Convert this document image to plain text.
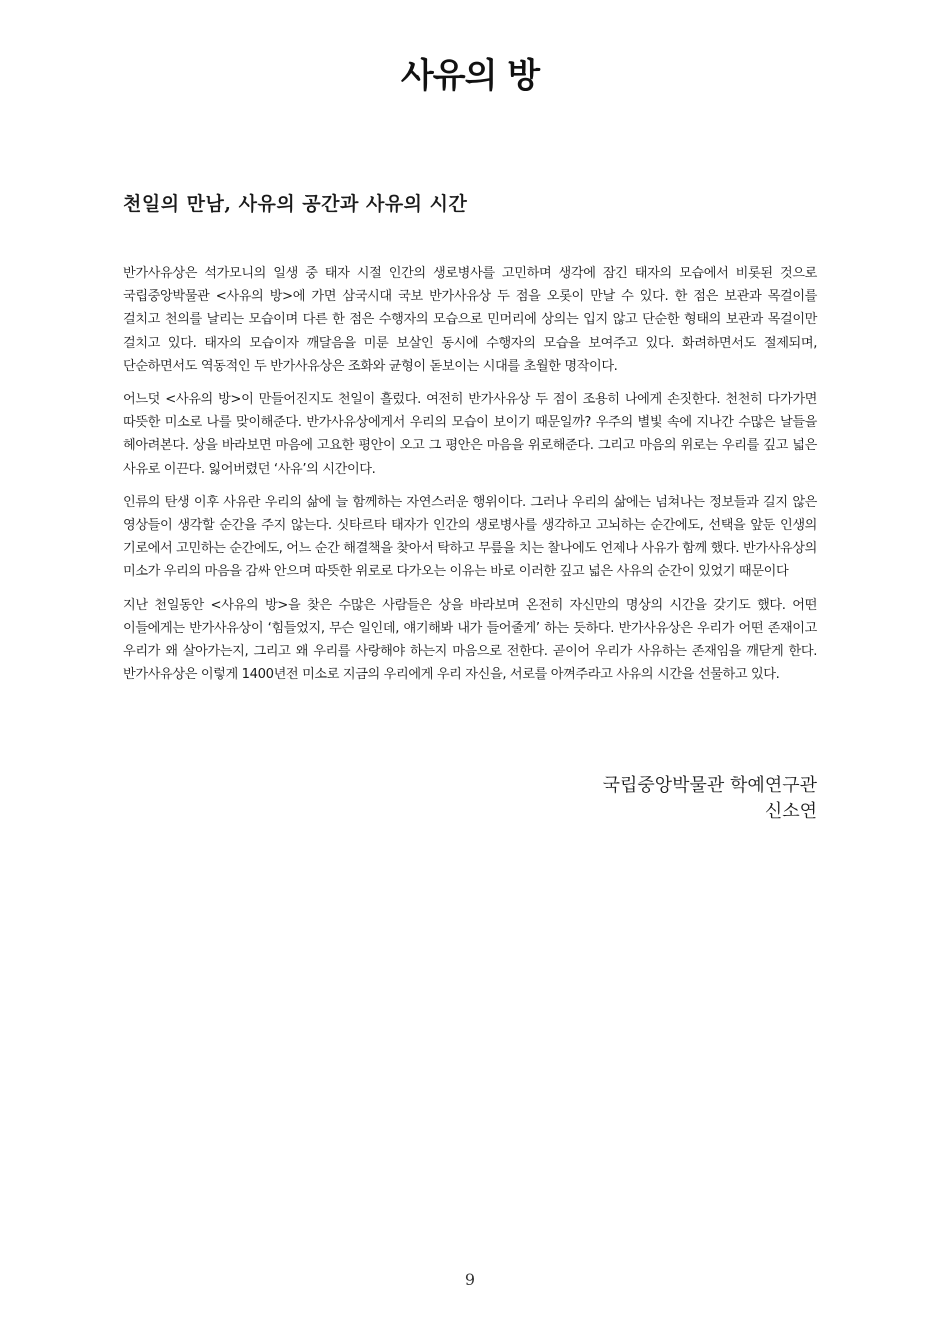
사유의 방
천일의 만남, 사유의 공간과 사유의 시간

반가사유상은 석가모니의 일생 중 태자 시절 인간의 생로병사를 고민하며 생각에 잠긴 태자의 모습에서 비롯된 것으로 국립중앙박물관 <사유의 방>에 가면 삼국시대 국보 반가사유상 두 점을 오롯이 만날 수 있다. 한 점은 보관과 목걸이를 걸치고 천의를 날리는 모습이며 다른 한 점은 수행자의 모습으로 민머리에 상의는 입지 않고 단순한 형태의 보관과 목걸이만 걸치고 있다. 태자의 모습이자 깨달음을 미룬 보살인 동시에 수행자의 모습을 보여주고 있다. 화려하면서도 절제되며, 단순하면서도 역동적인 두 반가사유상은 조화와 균형이 돋보이는 시대를 초월한 명작이다.

어느덧 <사유의 방>이 만들어진지도 천일이 흘렀다. 여전히 반가사유상 두 점이 조용히 나에게 손짓한다. 천천히 다가가면 따뜻한 미소로 나를 맞이해준다. 반가사유상에게서 우리의 모습이 보이기 때문일까? 우주의 별빛 속에 지나간 수많은 날들을 헤아려본다. 상을 바라보면 마음에 고요한 평안이 오고 그 평안은 마음을 위로해준다. 그리고 마음의 위로는 우리를 깊고 넓은 사유로 이끈다. 잃어버렸던 ‘사유’의 시간이다.

인류의 탄생 이후 사유란 우리의 삶에 늘 함께하는 자연스러운 행위이다. 그러나 우리의 삶에는 넘쳐나는 정보들과 길지 않은 영상들이 생각할 순간을 주지 않는다. 싯타르타 태자가 인간의 생로병사를 생각하고 고뇌하는 순간에도, 선택을 앞둔 인생의 기로에서 고민하는 순간에도, 어느 순간 해결책을 찾아서 탁하고 무릎을 치는 찰나에도 언제나 사유가 함께 했다. 반가사유상의 미소가 우리의 마음을 감싸 안으며 따뜻한 위로로 다가오는 이유는 바로 이러한 깊고 넓은 사유의 순간이 있었기 때문이다

지난 천일동안 <사유의 방>을 찾은 수많은 사람들은 상을 바라보며 온전히 자신만의 명상의 시간을 갖기도 했다. 어떤 이들에게는 반가사유상이 ‘힘들었지, 무슨 일인데, 얘기해봐 내가 들어줄게’ 하는 듯하다. 반가사유상은 우리가 어떤 존재이고 우리가 왜 살아가는지, 그리고 왜 우리를 사랑해야 하는지 마음으로 전한다. 곧이어 우리가 사유하는 존재임을 깨닫게 한다. 반가사유상은 이렇게 1400년전 미소로 지금의 우리에게 우리 자신을, 서로를 아껴주라고 사유의 시간을 선물하고 있다.

국립중앙박물관 학예연구관
신소연
9
